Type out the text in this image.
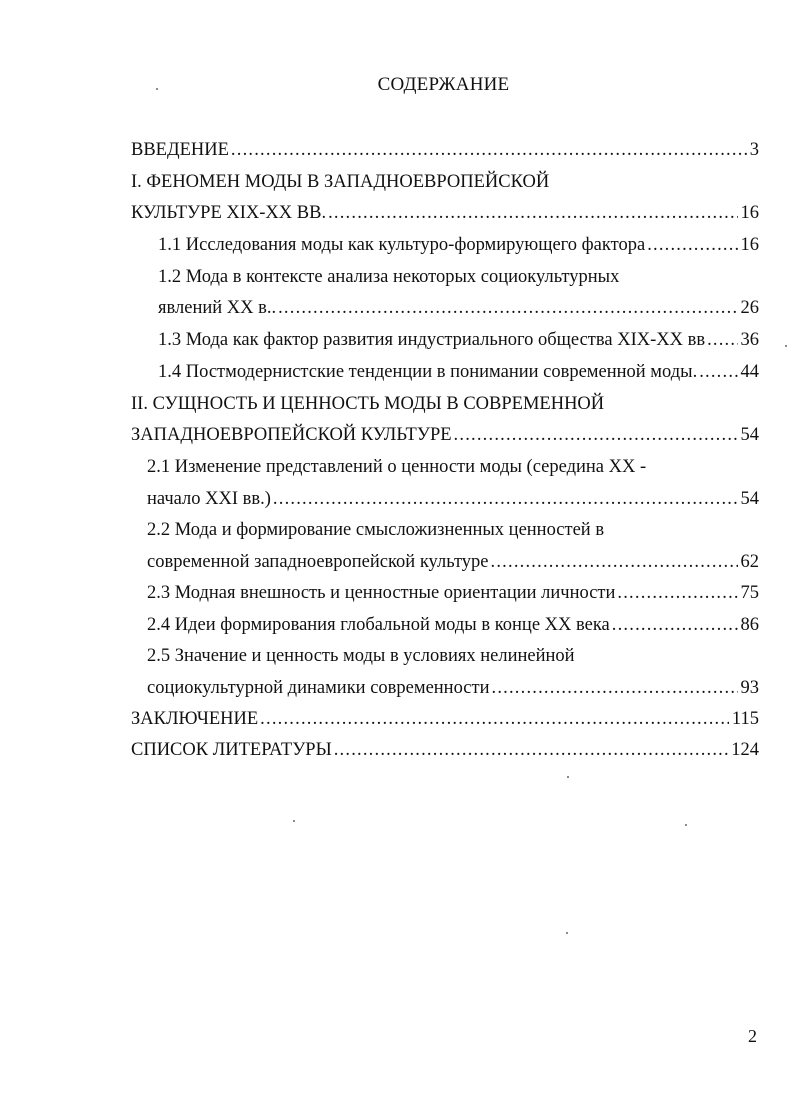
СОДЕРЖАНИЕ
ВВЕДЕНИЕ .....	3
I. ФЕНОМЕН МОДЫ В ЗАПАДНОЕВРОПЕЙСКОЙ
КУЛЬТУРЕ XIX-XX ВВ. .....	16
1.1 Исследования моды как культуро-формирующего фактора .....	16
1.2 Мода в контексте анализа некоторых социокультурных
явлений XX в.. .....	26
1.3 Мода как фактор развития индустриального общества XIX-XX вв ..... 36
1.4 Постмодернистские тенденции в понимании современной моды. ..... 44
II. СУЩНОСТЬ И ЦЕННОСТЬ МОДЫ В СОВРЕМЕННОЙ
ЗАПАДНОЕВРОПЕЙСКОЙ КУЛЬТУРЕ .....	54
2.1 Изменение представлений о ценности моды (середина XX -
начало XXI вв.) .....	54
2.2 Мода и формирование смысложизненных ценностей в
современной западноевропейской культуре .....	62
2.3 Модная внешность и ценностные ориентации личности .....	75
2.4 Идеи формирования глобальной моды в конце XX века .....	86
2.5 Значение и ценность моды в условиях нелинейной
социокультурной динамики современности .....	93
ЗАКЛЮЧЕНИЕ .....	115
СПИСОК ЛИТЕРАТУРЫ .....	124
2
